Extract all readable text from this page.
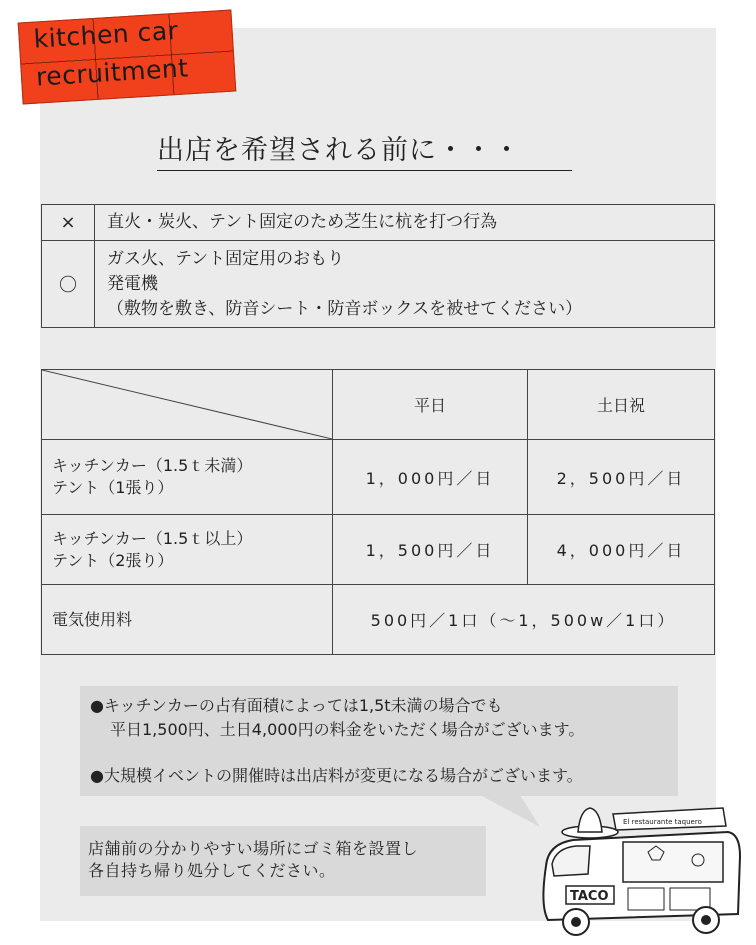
kitchen car
recruitment
出店を希望される前に・・・
×	直火・炭火、テント固定のため芝生に杭を打つ行為
〇	ガス火、テント固定用のおもり
発電機
（敷物を敷き、防音シート・防音ボックスを被せてください）
	平日	土日祝

キッチンカー（1.5ｔ未満）
テント（1張り）	1，000円／日	2，500円／日

キッチンカー（1.5ｔ以上）
テント（2張り）	1，500円／日	4，000円／日
電気使用料	500円／1口（～1，500w／1口）	
●キッチンカーの占有面積によっては1,5t未満の場合でも
平日1,500円、土日4,000円の料金をいただく場合がございます。
●大規模イベントの開催時は出店料が変更になる場合がございます。
店舗前の分かりやすい場所にゴミ箱を設置し
各自持ち帰り処分してください。
El restaurante taquero
TACO
